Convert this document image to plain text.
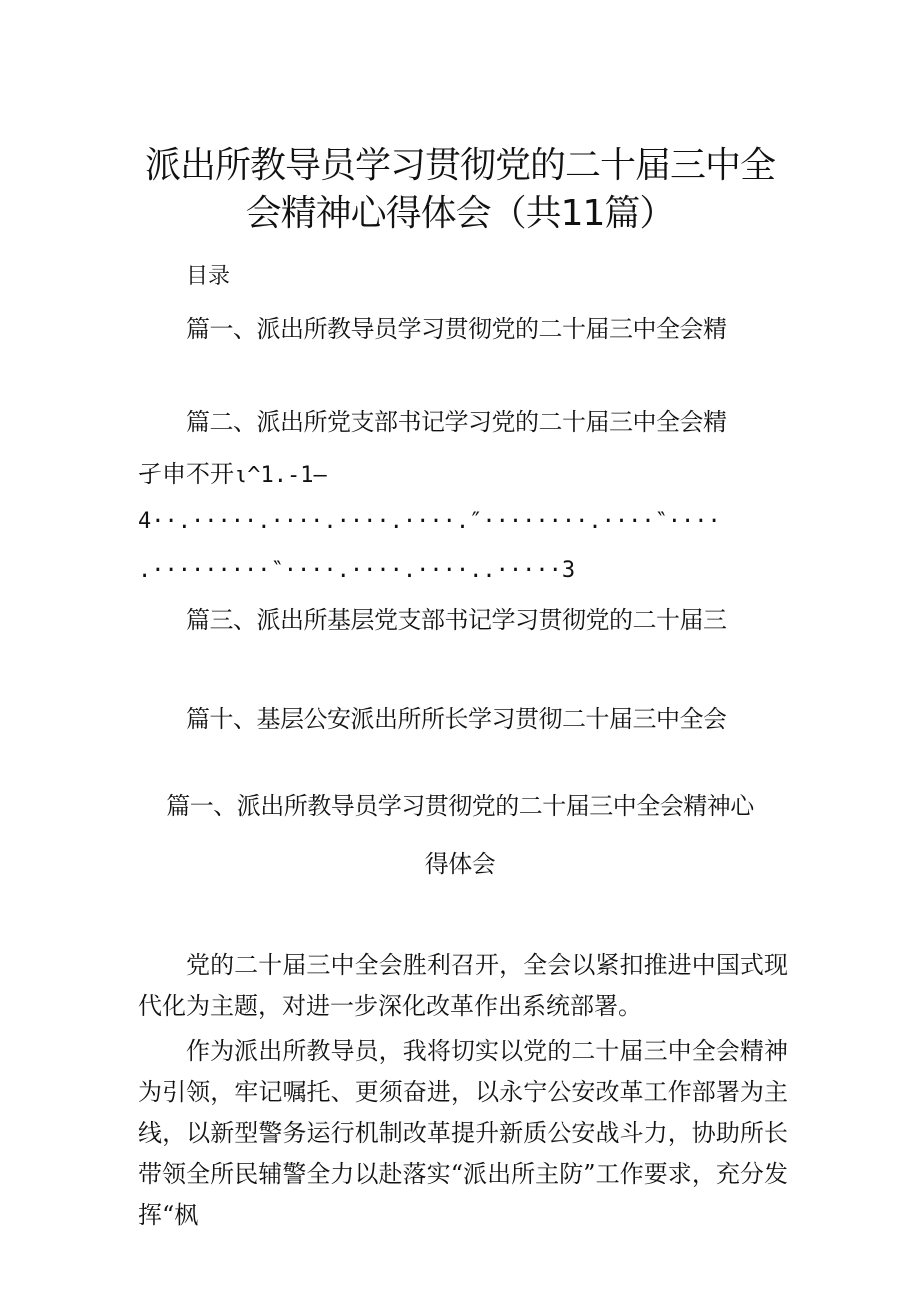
派出所教导员学习贯彻党的二十届三中全
会精神心得体会（共11篇）
目录
篇一、派出所教导员学习贯彻党的二十届三中全会精
篇二、派出所党支部书记学习党的二十届三中全会精
孑申不开ι^1.-1—
4··.·····.····.····.····.″········.····‶····
.·········‶····.····.····..·····3
篇三、派出所基层党支部书记学习贯彻党的二十届三
篇十、基层公安派出所所长学习贯彻二十届三中全会
篇一、派出所教导员学习贯彻党的二十届三中全会精神心
得体会
党的二十届三中全会胜利召开，全会以紧扣推进中国式现代化为主题，对进一步深化改革作出系统部署。
作为派出所教导员，我将切实以党的二十届三中全会精神为引领，牢记嘱托、更须奋进，以永宁公安改革工作部署为主线，以新型警务运行机制改革提升新质公安战斗力，协助所长带领全所民辅警全力以赴落实“派出所主防”工作要求，充分发挥“枫
